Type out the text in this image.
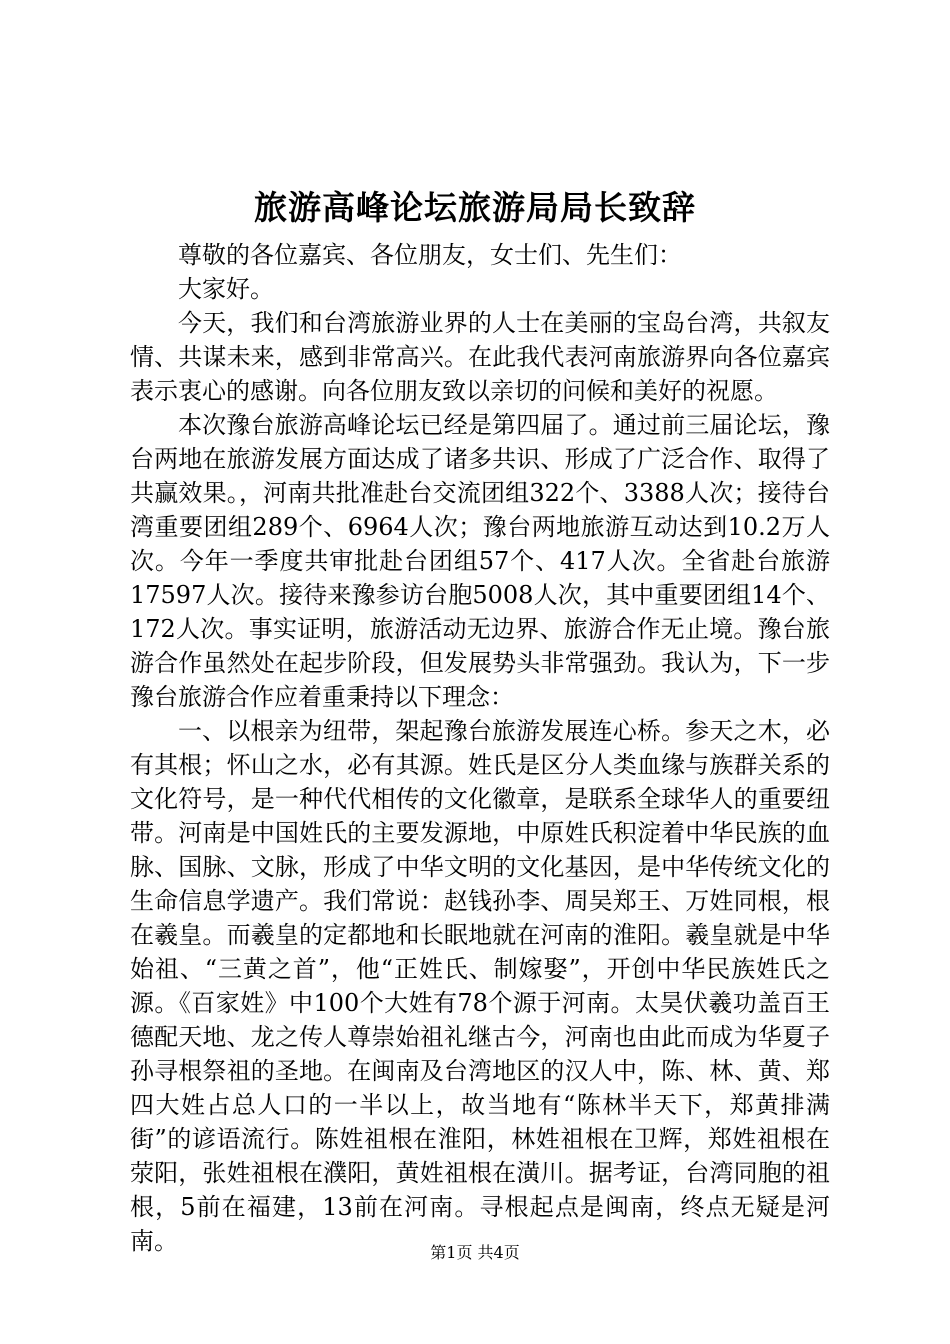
旅游高峰论坛旅游局局长致辞

尊敬的各位嘉宾、各位朋友，女士们、先生们：

大家好。

今天，我们和台湾旅游业界的人士在美丽的宝岛台湾，共叙友情、共谋未来，感到非常高兴。在此我代表河南旅游界向各位嘉宾表示衷心的感谢。向各位朋友致以亲切的问候和美好的祝愿。

本次豫台旅游高峰论坛已经是第四届了。通过前三届论坛，豫台两地在旅游发展方面达成了诸多共识、形成了广泛合作、取得了共赢效果。，河南共批准赴台交流团组322个、3388人次；接待台湾重要团组289个、6964人次；豫台两地旅游互动达到10.2万人次。今年一季度共审批赴台团组57个、417人次。全省赴台旅游17597人次。接待来豫参访台胞5008人次，其中重要团组14个、172人次。事实证明，旅游活动无边界、旅游合作无止境。豫台旅游合作虽然处在起步阶段，但发展势头非常强劲。我认为，下一步豫台旅游合作应着重秉持以下理念：

一、以根亲为纽带，架起豫台旅游发展连心桥。参天之木，必有其根；怀山之水，必有其源。姓氏是区分人类血缘与族群关系的文化符号，是一种代代相传的文化徽章，是联系全球华人的重要纽带。河南是中国姓氏的主要发源地，中原姓氏积淀着中华民族的血脉、国脉、文脉，形成了中华文明的文化基因，是中华传统文化的生命信息学遗产。我们常说：赵钱孙李、周吴郑王、万姓同根，根在羲皇。而羲皇的定都地和长眠地就在河南的淮阳。羲皇就是中华始祖、“三黄之首”，他“正姓氏、制嫁娶”，开创中华民族姓氏之源。《百家姓》中100个大姓有78个源于河南。太昊伏羲功盖百王德配天地、龙之传人尊崇始祖礼继古今，河南也由此而成为华夏子孙寻根祭祖的圣地。在闽南及台湾地区的汉人中，陈、林、黄、郑四大姓占总人口的一半以上，故当地有“陈林半天下，郑黄排满街”的谚语流行。陈姓祖根在淮阳，林姓祖根在卫辉，郑姓祖根在荥阳，张姓祖根在濮阳，黄姓祖根在潢川。据考证，台湾同胞的祖根，5前在福建，13前在河南。寻根起点是闽南，终点无疑是河南。	第1页 共4页
